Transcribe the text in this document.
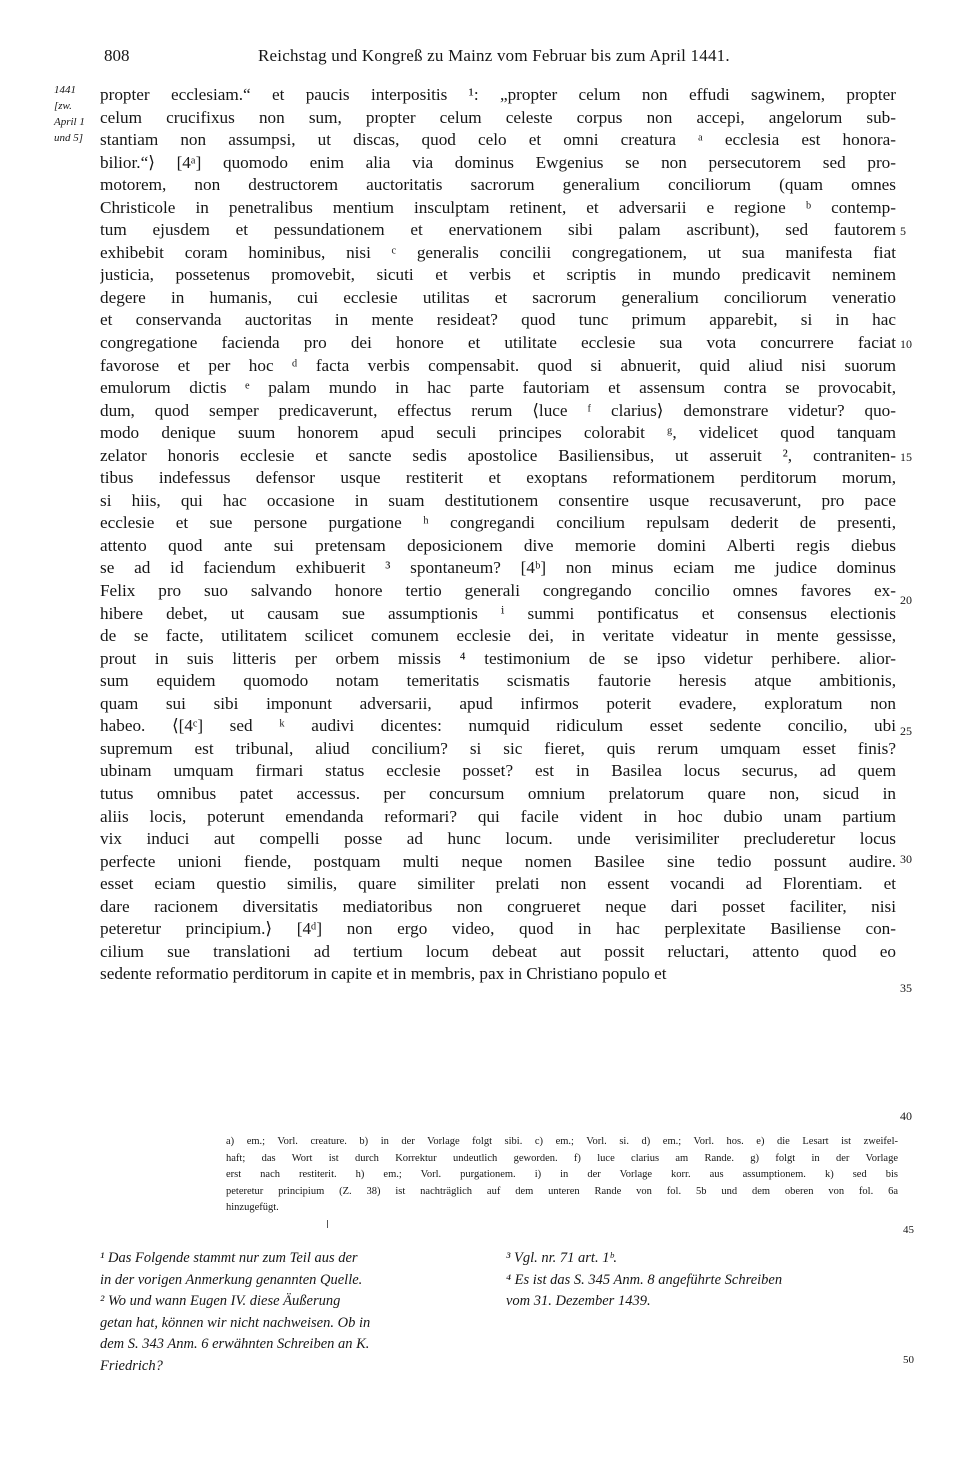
808	Reichstag und Kongreß zu Mainz vom Februar bis zum April 1441.
1441
[zw.
April 1
und 5]
propter ecclesiam.“ et paucis interpositis ¹: „propter celum non effudi sagwinem, propter
celum crucifixus non sum, propter celum celeste corpus non accepi, angelorum sub-
stantiam non assumpsi, ut discas, quod celo et omni creatura ᵃ ecclesia est honora-
bilior.“⟩ [4ᵃ] quomodo enim alia via dominus Ewgenius se non persecutorem sed pro-
motorem, non destructorem auctoritatis sacrorum generalium conciliorum (quam omnes
Christicole in penetralibus mentium insculptam retinent, et adversarii e regione ᵇ contemp-
tum ejusdem et pessundationem et enervationem sibi palam ascribunt), sed fautorem
exhibebit coram hominibus, nisi ᶜ generalis concilii congregationem, ut sua manifesta fiat
justicia, possetenus promovebit, sicuti et verbis et scriptis in mundo predicavit neminem
degere in humanis, cui ecclesie utilitas et sacrorum generalium conciliorum veneratio
et conservanda auctoritas in mente resideat? quod tunc primum apparebit, si in hac
congregatione facienda pro dei honore et utilitate ecclesie sua vota concurrere faciat
favorose et per hoc ᵈ facta verbis compensabit. quod si abnuerit, quid aliud nisi suorum
emulorum dictis ᵉ palam mundo in hac parte fautoriam et assensum contra se provocabit,
dum, quod semper predicaverunt, effectus rerum ⟨luce ᶠ clarius⟩ demonstrare videtur? quo-
modo denique suum honorem apud seculi principes colorabit ᵍ, videlicet quod tanquam
zelator honoris ecclesie et sancte sedis apostolice Basiliensibus, ut asseruit ², contraniten-
tibus indefessus defensor usque restiterit et exoptans reformationem perditorum morum,
si hiis, qui hac occasione in suam destitutionem consentire usque recusaverunt, pro pace
ecclesie et sue persone purgatione ʰ congregandi concilium repulsam dederit de presenti,
attento quod ante sui pretensam deposicionem dive memorie domini Alberti regis diebus
se ad id faciendum exhibuerit ³ spontaneum? [4ᵇ] non minus eciam me judice dominus
Felix pro suo salvando honore tertio generali congregando concilio omnes favores ex-
hibere debet, ut causam sue assumptionis ⁱ summi pontificatus et consensus electionis
de se facte, utilitatem scilicet comunem ecclesie dei, in veritate videatur in mente gessisse,
prout in suis litteris per orbem missis ⁴ testimonium de se ipso videtur perhibere. alior-
sum equidem quomodo notam temeritatis scismatis fautorie heresis atque ambitionis,
quam sui sibi imponunt adversarii, apud infirmos poterit evadere, exploratum non
habeo. ⟨[4ᶜ] sed ᵏ audivi dicentes: numquid ridiculum esset sedente concilio, ubi
supremum est tribunal, aliud concilium? si sic fieret, quis rerum umquam esset finis?
ubinam umquam firmari status ecclesie posset? est in Basilea locus securus, ad quem
tutus omnibus patet accessus. per concursum omnium prelatorum quare non, sicud in
aliis locis, poterunt emendanda reformari? qui facile vident in hoc dubio unam partium
vix induci aut compelli posse ad hunc locum. unde verisimiliter precluderetur locus
perfecte unioni fiende, postquam multi neque nomen Basilee sine tedio possunt audire.
esset eciam questio similis, quare similiter prelati non essent vocandi ad Florentiam. et
dare racionem diversitatis mediatoribus non congrueret neque dari posset faciliter, nisi
peteretur principium.⟩ [4ᵈ] non ergo video, quod in hac perplexitate Basiliense con-
cilium sue translationi ad tertium locum debeat aut possit reluctari, attento quod eo
sedente reformatio perditorum in capite et in membris, pax in Christiano populo et
5
10
15
20
25
30
35
40
a) em.; Vorl. creature. b) in der Vorlage folgt sibi. c) em.; Vorl. si. d) em.; Vorl. hos. e) die Lesart ist zweifel-
haft; das Wort ist durch Korrektur undeutlich geworden. f) luce clarius am Rande. g) folgt in der Vorlage
erst nach restiterit. h) em.; Vorl. purgationem. i) in der Vorlage korr. aus assumptionem. k) sed bis
peteretur principium (Z. 38) ist nachträglich auf dem unteren Rande von fol. 5b und dem oberen von fol. 6a
hinzugefügt.
45
¹ Das Folgende stammt nur zum Teil aus der
in der vorigen Anmerkung genannten Quelle.
² Wo und wann Eugen IV. diese Äußerung
getan hat, können wir nicht nachweisen. Ob in
dem S. 343 Anm. 6 erwähnten Schreiben an K.
Friedrich?
³ Vgl. nr. 71 art. 1ᵇ.
⁴ Es ist das S. 345 Anm. 8 angeführte Schreiben
vom 31. Dezember 1439.
50
